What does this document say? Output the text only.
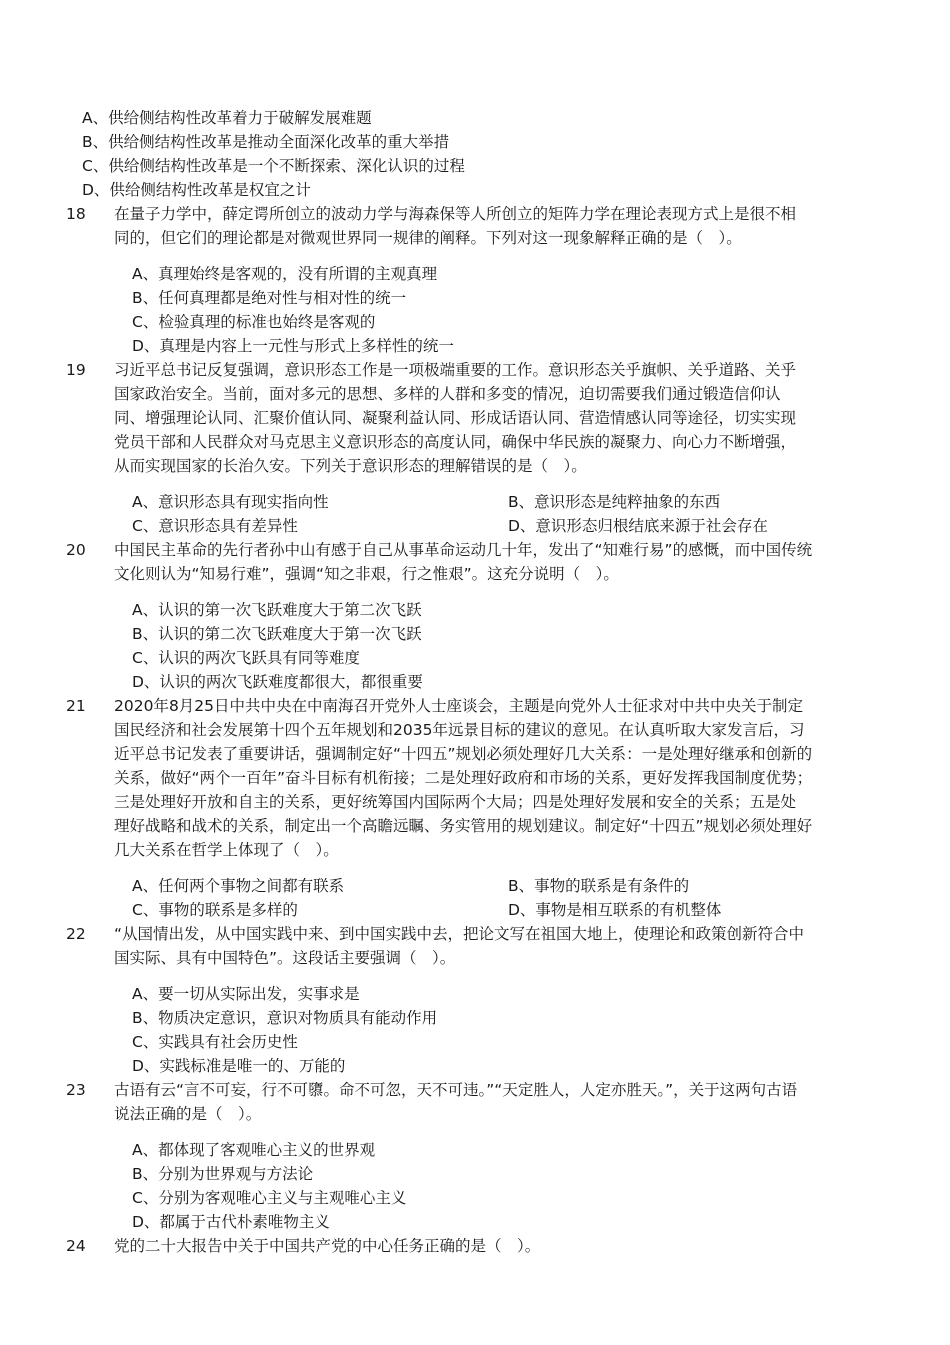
A、供给侧结构性改革着力于破解发展难题
B、供给侧结构性改革是推动全面深化改革的重大举措
C、供给侧结构性改革是一个不断探索、深化认识的过程
D、供给侧结构性改革是权宜之计
18 在量子力学中，薛定谔所创立的波动力学与海森保等人所创立的矩阵力学在理论表现方式上是很不相
同的，但它们的理论都是对微观世界同一规律的阐释。下列对这一现象解释正确的是（　）。
A、真理始终是客观的，没有所谓的主观真理
B、任何真理都是绝对性与相对性的统一
C、检验真理的标准也始终是客观的
D、真理是内容上一元性与形式上多样性的统一
19 习近平总书记反复强调，意识形态工作是一项极端重要的工作。意识形态关乎旗帜、关乎道路、关乎
国家政治安全。当前，面对多元的思想、多样的人群和多变的情况，迫切需要我们通过锻造信仰认
同、增强理论认同、汇聚价值认同、凝聚利益认同、形成话语认同、营造情感认同等途径，切实实现
党员干部和人民群众对马克思主义意识形态的高度认同，确保中华民族的凝聚力、向心力不断增强，
从而实现国家的长治久安。下列关于意识形态的理解错误的是（　）。
A、意识形态具有现实指向性	B、意识形态是纯粹抽象的东西
C、意识形态具有差异性	D、意识形态归根结底来源于社会存在
20 中国民主革命的先行者孙中山有感于自己从事革命运动几十年，发出了“知难行易”的感慨，而中国传统
文化则认为“知易行难”，强调“知之非艰，行之惟艰”。这充分说明（　）。
A、认识的第一次飞跃难度大于第二次飞跃
B、认识的第二次飞跃难度大于第一次飞跃
C、认识的两次飞跃具有同等难度
D、认识的两次飞跃难度都很大，都很重要
21 2020年8月25日中共中央在中南海召开党外人士座谈会，主题是向党外人士征求对中共中央关于制定
国民经济和社会发展第十四个五年规划和2035年远景目标的建议的意见。在认真听取大家发言后，习
近平总书记发表了重要讲话，强调制定好“十四五”规划必须处理好几大关系：一是处理好继承和创新的
关系，做好“两个一百年”奋斗目标有机衔接；二是处理好政府和市场的关系，更好发挥我国制度优势；
三是处理好开放和自主的关系，更好统筹国内国际两个大局；四是处理好发展和安全的关系；五是处
理好战略和战术的关系，制定出一个高瞻远瞩、务实管用的规划建议。制定好“十四五”规划必须处理好
几大关系在哲学上体现了（　）。
A、任何两个事物之间都有联系	B、事物的联系是有条件的
C、事物的联系是多样的	D、事物是相互联系的有机整体
22 “从国情出发，从中国实践中来、到中国实践中去，把论文写在祖国大地上，使理论和政策创新符合中
国实际、具有中国特色”。这段话主要强调（　）。
A、要一切从实际出发，实事求是
B、物质决定意识，意识对物质具有能动作用
C、实践具有社会历史性
D、实践标准是唯一的、万能的
23 古语有云“言不可妄，行不可隳。命不可忽，天不可违。”“天定胜人，人定亦胜天。”，关于这两句古语
说法正确的是（　）。
A、都体现了客观唯心主义的世界观
B、分别为世界观与方法论
C、分别为客观唯心主义与主观唯心主义
D、都属于古代朴素唯物主义
24 党的二十大报告中关于中国共产党的中心任务正确的是（　）。
